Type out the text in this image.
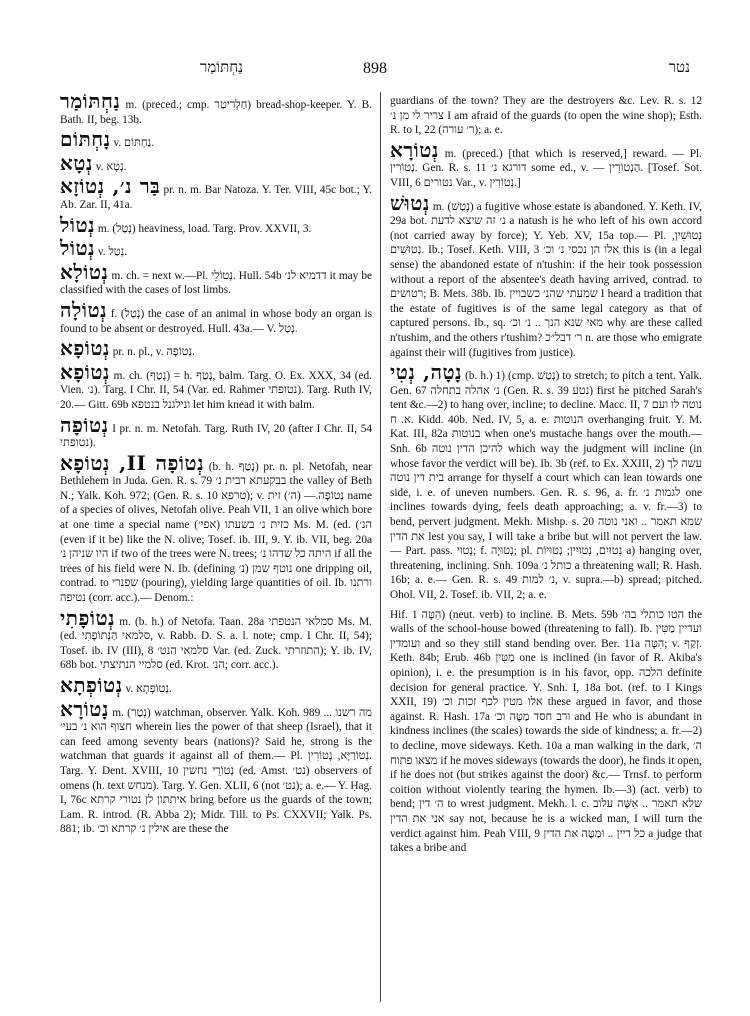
נַחְתּוֹמַר	898	נטר

נַחְתּוֹמַר m. (preced.; cmp. חַלְרִיטַר) bread-shop-keeper. Y. B. Bath. II, beg. 13b.

נָחְתּוֹם v. נַחְתּוֹם.

נְטָא v. נְטָא.

בַּר נ׳, נְטוֹזָא pr. n. m. Bar Natoza. Y. Ter. VIII, 45c bot.; Y. Ab. Zar. II, 41a.

נְטוֹל m. (נְטַל) heaviness, load. Targ. Prov. XXVII, 3.

נְטוֹל v. נְטַל.

נְטוֹלָא m. ch. = next w.—Pl. נְטוֹלֵי. Hull. 54b דדמיא לנ׳ it may be classified with the cases of lost limbs.

נְטוֹלָה f. (נְטַל) the case of an animal in whose body an organ is found to be absent or destroyed. Hull. 43a.— V. נְטַל.

נְטוֹפָא pr. n. pl., v. נְטוֹפָה.

נְטוֹפָא m. ch. (נָטַף) = h. נְטַף, balm. Targ. O. Ex. XXX, 34 (ed. Vien. נ׳). Targ. I Chr. II, 54 (Var. ed. Rahmer נטופתי). Targ. Ruth IV, 20.— Gitt. 69b ונילגנל בנטפא let him knead it with balm.

נְטוֹפָה I pr. n. m. Netofah. Targ. Ruth IV, 20 (after I Chr. II, 54 נטופתי).

נְטוֹפָה II, נְטוֹפָא (b. h. נָטַף) pr. n. pl. Netofah, near Bethlehem in Juda. Gen. R. s. 79 בבקעתא דבית נ׳ the valley of Beth N.; Yalk. Koh. 972; (Gen. R. s. 10 טרפא); v. נְטוֹפָה.— (ה׳) זית name of a species of olives, Netofah olive. Peah VII, 1 an olive which bore at one time a special name כזית נ׳ בשעתו (אפי׳) Ms. M. (ed. (הנ׳ (even if it be) like the N. olive; Tosef. ib. III, 9. Y. ib. VII, beg. 20a היו שניהן נ׳ if two of the trees were N. trees; היתה כל שדהו נ׳ if all the trees of his field were N. Ib. (defining נ׳) נוטף שמן one dripping oil, contrad. to שפנרי (pouring), yielding large quantities of oil. Ib. ורתנו נטיפה (corr. acc.).— Denom.:

נְטוֹפָתִי m. (b. h.) of Netofa. Taan. 28a סמלאי הנטפתי Ms. M. (ed. סלמאי הַנְּתוֹפָתִי, v. Rabb. D. S. a. l. note; cmp. I Chr. II, 54); Tosef. ib. IV (III), 8 סלמאי הנט׳ Var. (ed. Zuck. התוזרתי); Y. ib. IV, 68b bot. סלמיי הנתיצתי (ed. Krot. הנ׳; corr. acc.).

נְטוֹפְתָא v. נְטוֹפְתָא.

נָטוֹרָא m. (נְטַר) watchman, observer. Yalk. Koh. 989 מה רשנו ... חצוף הוא נ׳ בעי׳ wherein lies the power of that sheep (Israel), that it can feed among seventy bears (nations)? Said he, strong is the watchman that guards it against all of them.— Pl. נְטוֹרַיָּא, נָטוֹרִין. Targ. Y. Dent. XVIII, 10 נְטוֹרֵי נחשין (ed. Amst. נט׳) observers of omens (h. text מנחש). Targ. Y. Gen. XLII, 6 (not נט׳); a. e.— Y. Ḥag. I, 76c איתתון לן נטורי קרתא bring before us the guards of the town; Lam. R. introd. (R. Abba 2); Midr. Till. to Ps. CXXVII; Yalk. Ps. 881; ib. אילין נ׳ קרתא וכ׳ are these the

guardians of the town? They are the destroyers &c. Lev. R. s. 12 צריר לי מן נ׳ I am afraid of the guards (to open the wine shop); Esth. R. to I, 22 (ר׳ עורה); a. e.

נְטוֹרָא m. (preced.) [that which is reserved,] reward. — Pl. נְטוֹרִין. Gen. R. s. 11 דורגא נ׳ some ed., v. — הַנְטוֹרִין. [Tosef. Sot. VIII, 6 נטורים Var., v. נְטוֹרִין.]

נְטוּשׁ m. (נָטַשׁ) a fugitive whose estate is abandoned. Y. Keth. IV, 29a bot. נ׳ זה שיצא לדעת a natush is he who left of his own accord (not carried away by force); Y. Yeb. XV, 15a top.— Pl. נְטוּשִׁין, נְטוּשִׁים. Ib.; Tosef. Keth. VIII, 3 אלו הן נכסי נ׳ וכ׳ this is (in a legal sense) the abandoned estate of n'tushin: if the heir took possession without a report of the absentee's death having arrived, contrad. to רטושים; B. Mets. 38b. Ib. שמעתי שהנ׳ כשבויין I heard a tradition that the estate of fugitives is of the same legal category as that of captured persons. Ib., sq. מאי שנא הנך .. נ׳ וכ׳ why are these called n'tushim, and the others r'tushim? ר׳ דבל״כ n. are those who emigrate against their will (fugitives from justice).

נָטָה, נְטִי (b. h.) 1) (cmp. נְטַשׁ) to stretch; to pitch a tent. Yalk. Gen. 67 נ׳ אהלה בתחלה (Gen. R. s. 39 נטע) first he pitched Sarah's tent &c.—2) to hang over, incline; to decline. Macc. II, 7 נוטה לו ועם א. ח. Kidd. 40b. Ned. IV, 5, a. e. הנוטות overhanging fruit. Y. M. Kat. III, 82a בנוטות when one's mustache hangs over the mouth.— Snh. 6b להיכן הדין נוטה which way the judgment will incline (in whose favor the verdict will be). Ib. 3b (ref. to Ex. XXIII, 2) עשה לך בית דין נוטה arrange for thyself a court which can lean towards one side, i. e. of uneven numbers. Gen. R. s. 96, a. fr. לגמות נ׳ one inclines towards dying, feels death approaching; a. v. fr.—3) to bend, pervert judgment. Mekh. Mishp. s. 20 שמא תאמר .. ואני נוטה את הדין lest you say, I will take a bribe but will not pervert the law.— Part. pass. נָטוּי; f. נְטוּיָה; pl. נְטוּיִם, נְטוּיִין; נְטוּיוֹת a) hanging over, threatening, inclining. Snh. 109a כותל נ׳ a threatening wall; R. Hash. 16b; a. e.— Gen. R. s. 49 נ׳ למות, v. supra.—b) spread; pitched. Ohol. VII, 2. Tosef. ib. VII, 2; a. e.

Hif. הִטָּה 1) (neut. verb) to incline. B. Mets. 59b הטו כותלי בה׳ the walls of the school-house bowed (threatening to fall). Ib. ועדיין מַטִּין ועומדין and so they still stand bending over. Ber. 11a הִטָּה; v. זְקַף. Keth. 84b; Erub. 46b מַטִּין one is inclined (in favor of R. Akiba's opinion), i. e. the presumption is in his favor, opp. הלכה definite decision for general practice. Y. Snh. I, 18a bot. (ref. to I Kings XXII, 19) אלו מטין לכף זכות וכ׳ these argued in favor, and those against. R. Hash. 17a ורב חסד מַטֶּה וכ׳ and He who is abundant in kindness inclines (the scales) towards the side of kindness; a. fr.—2) to decline, move sideways. Keth. 10a a man walking in the dark, ה׳ מצאו פתוח if he moves sideways (towards the door), he finds it open, if he does not (but strikes against the door) &c.— Trnsf. to perform coition without violently tearing the hymen. Ib.—3) (act. verb) to bend; ה׳ דין to wrest judgment. Mekh. l. c. שלא תאמר .. אִשָּׁה עלוב אני את הדין say not, because he is a wicked man, I will turn the verdict against him. Peah VIII, 9 כל דיין .. וּמַטֶּה את הדין a judge that takes a bribe and
